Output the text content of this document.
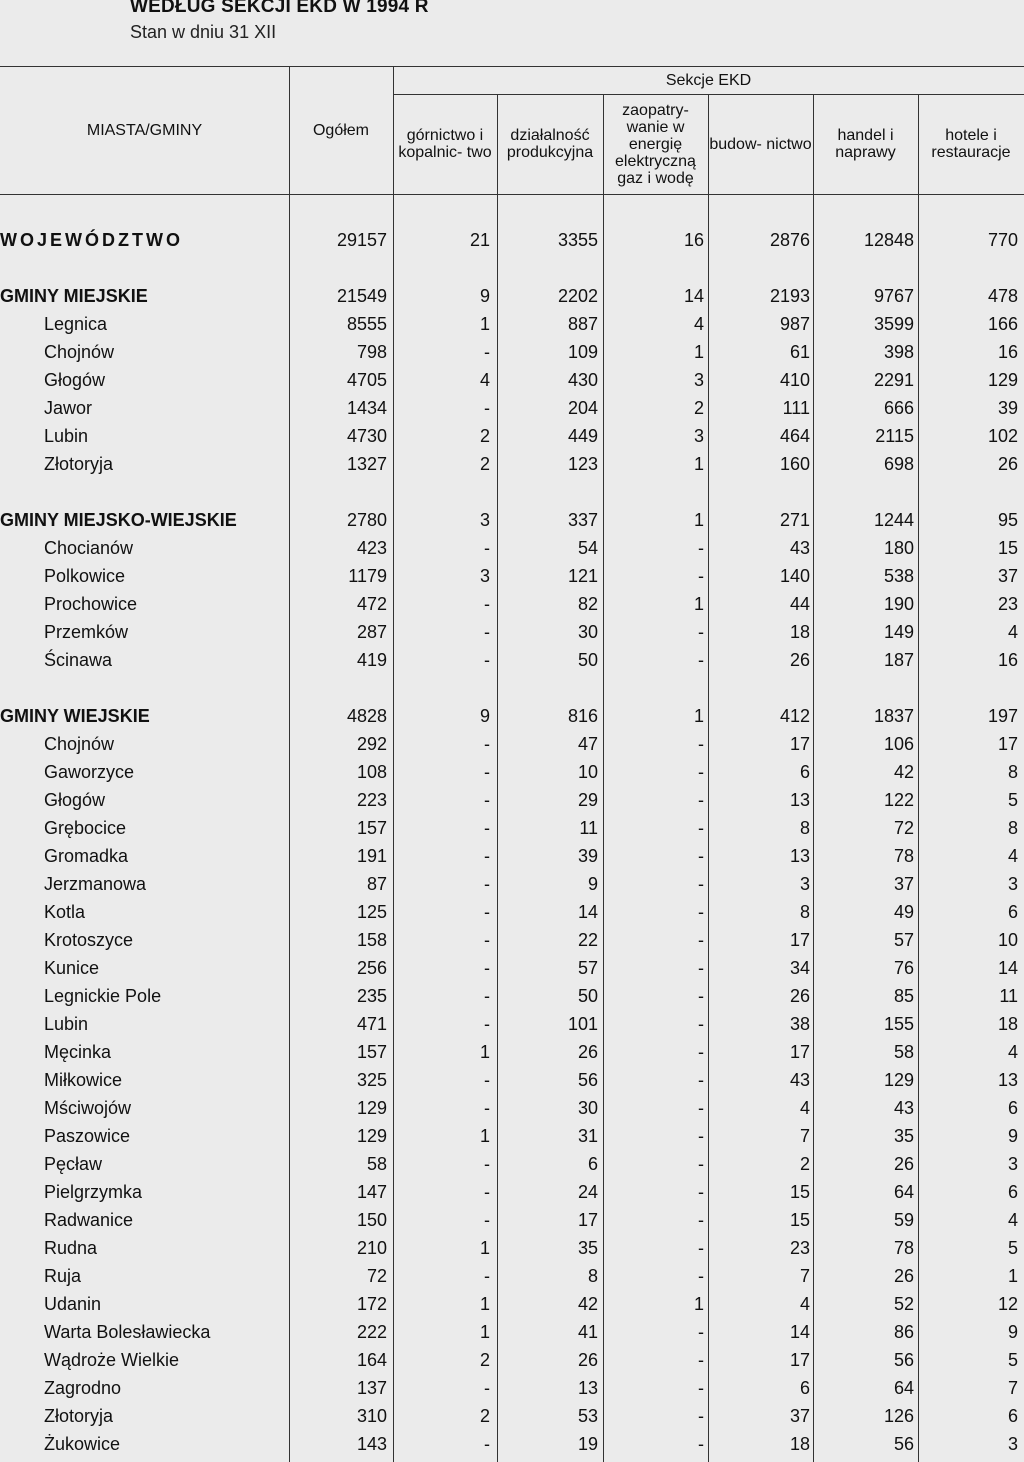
WEDŁUG SEKCJI EKD W 1994 R
Stan w dniu 31 XII
MIASTA/GMINY	Ogółem
Sekcje EKD
górnictwo i kopalnic- two
działalność produkcyjna
zaopatry- wanie w energię elektryczną gaz i wodę
budow- nictwo	handel i naprawy
hotele i restauracje
WOJEWÓDZTWO	29157	21	3355	16	2876	12848	770
GMINY MIEJSKIE	21549	9	2202	14	2193	9767	478
Legnica	8555	1	887	4	987	3599	166
Chojnów	798	-	109	1	61	398	16
Głogów	4705	4	430	3	410	2291	129
Jawor	1434	-	204	2	111	666	39
Lubin	4730	2	449	3	464	2115	102
Złotoryja	1327	2	123	1	160	698	26
GMINY MIEJSKO-WIEJSKIE	2780	3	337	1	271	1244	95
Chocianów	423	-	54	-	43	180	15
Polkowice	1179	3	121	-	140	538	37
Prochowice	472	-	82	1	44	190	23
Przemków	287	-	30	-	18	149	4
Ścinawa	419	-	50	-	26	187	16
GMINY WIEJSKIE	4828	9	816	1	412	1837	197
Chojnów	292	-	47	-	17	106	17
Gaworzyce	108	-	10	-	6	42	8
Głogów	223	-	29	-	13	122	5
Grębocice	157	-	11	-	8	72	8
Gromadka	191	-	39	-	13	78	4
Jerzmanowa	87	-	9	-	3	37	3
Kotla	125	-	14	-	8	49	6
Krotoszyce	158	-	22	-	17	57	10
Kunice	256	-	57	-	34	76	14
Legnickie Pole	235	-	50	-	26	85	11
Lubin	471	-	101	-	38	155	18
Męcinka	157	1	26	-	17	58	4
Miłkowice	325	-	56	-	43	129	13
Mściwojów	129	-	30	-	4	43	6
Paszowice	129	1	31	-	7	35	9
Pęcław	58	-	6	-	2	26	3
Pielgrzymka	147	-	24	-	15	64	6
Radwanice	150	-	17	-	15	59	4
Rudna	210	1	35	-	23	78	5
Ruja	72	-	8	-	7	26	1
Udanin	172	1	42	1	4	52	12
Warta Bolesławiecka	222	1	41	-	14	86	9
Wądroże Wielkie	164	2	26	-	17	56	5
Zagrodno	137	-	13	-	6	64	7
Złotoryja	310	2	53	-	37	126	6
Żukowice	143	-	19	-	18	56	3
